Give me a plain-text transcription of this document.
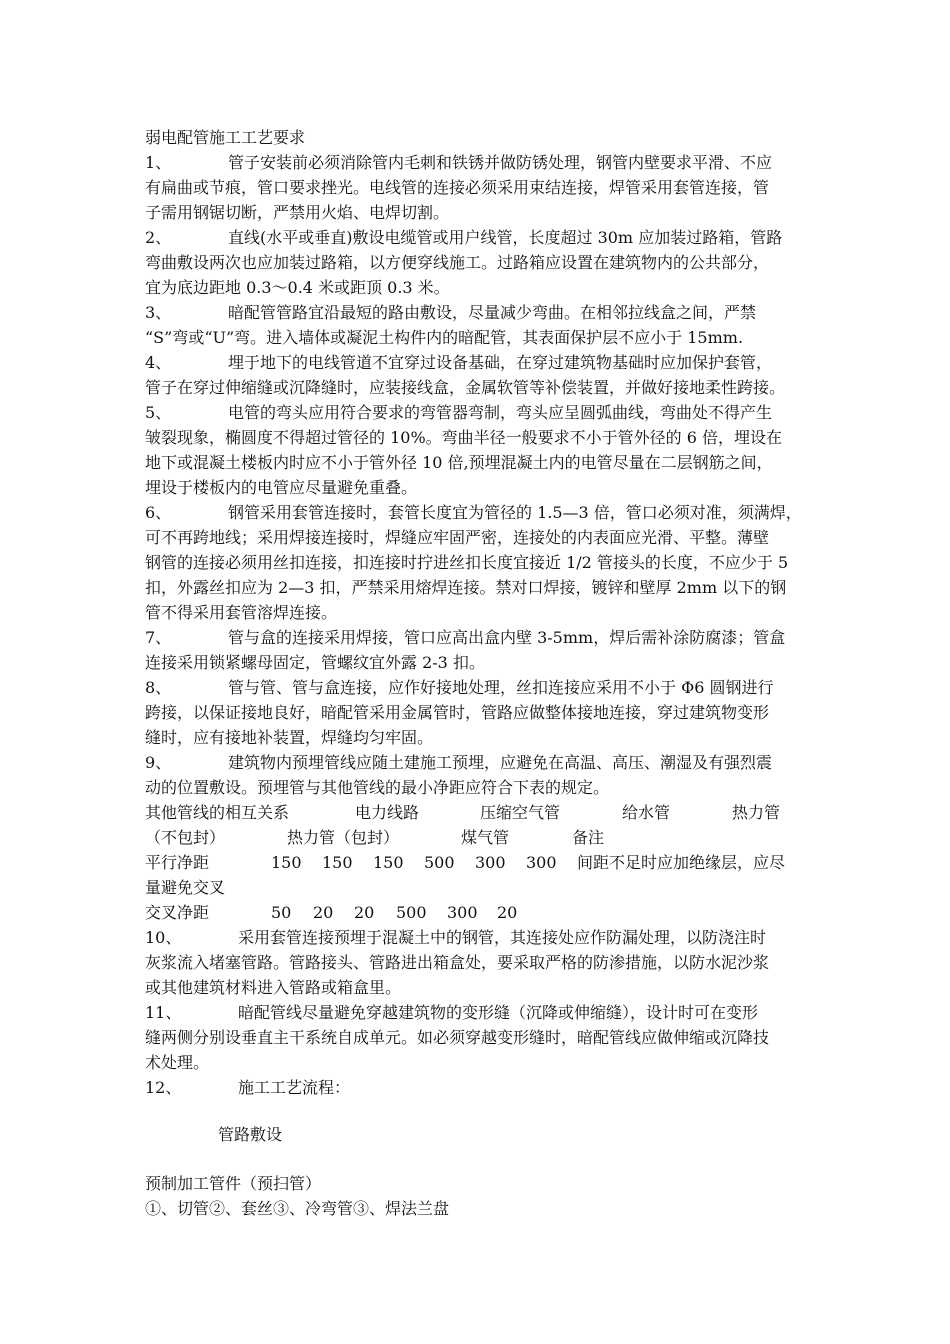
弱电配管施工工艺要求
1、	管子安装前必须消除管内毛刺和铁锈并做防锈处理，钢管内壁要求平滑、不应
有扁曲或节痕，管口要求挫光。电线管的连接必须采用束结连接，焊管采用套管连接，管
子需用钢锯切断，严禁用火焰、电焊切割。
2、	直线(水平或垂直)敷设电缆管或用户线管，长度超过 30m 应加装过路箱，管路
弯曲敷设两次也应加装过路箱，以方便穿线施工。过路箱应设置在建筑物内的公共部分，
宜为底边距地 0.3～0.4 米或距顶 0.3 米。
3、	暗配管管路宜沿最短的路由敷设，尽量减少弯曲。在相邻拉线盒之间，严禁
“S”弯或“U”弯。进入墙体或凝泥土构件内的暗配管，其表面保护层不应小于 15mm.
4、	埋于地下的电线管道不宜穿过设备基础，在穿过建筑物基础时应加保护套管，
管子在穿过伸缩缝或沉降缝时，应装接线盒，金属软管等补偿装置，并做好接地柔性跨接。
5、	电管的弯头应用符合要求的弯管器弯制，弯头应呈圆弧曲线，弯曲处不得产生
皱裂现象，椭圆度不得超过管径的 10%。弯曲半径一般要求不小于管外径的 6 倍，埋设在
地下或混凝土楼板内时应不小于管外径 10 倍,预埋混凝土内的电管尽量在二层钢筋之间，
埋设于楼板内的电管应尽量避免重叠。
6、	钢管采用套管连接时，套管长度宜为管径的 1.5—3 倍，管口必须对准，须满焊，
可不再跨地线；采用焊接连接时，焊缝应牢固严密，连接处的内表面应光滑、平整。薄壁
钢管的连接必须用丝扣连接，扣连接时拧进丝扣长度宜接近 1/2 管接头的长度，不应少于 5
扣，外露丝扣应为 2—3 扣，严禁采用熔焊连接。禁对口焊接，镀锌和壁厚 2mm 以下的钢
管不得采用套管溶焊连接。
7、	管与盒的连接采用焊接，管口应高出盒内壁 3-5mm，焊后需补涂防腐漆；管盒
连接采用锁紧螺母固定，管螺纹宜外露 2-3 扣。
8、	管与管、管与盒连接，应作好接地处理，丝扣连接应采用不小于 Φ6 圆钢进行
跨接，以保证接地良好，暗配管采用金属管时，管路应做整体接地连接，穿过建筑物变形
缝时，应有接地补装置，焊缝均匀牢固。
9、	建筑物内预埋管线应随土建施工预埋，应避免在高温、高压、潮湿及有强烈震
动的位置敷设。预埋管与其他管线的最小净距应符合下表的规定。
其他管线的相互关系	电力线路	压缩空气管	给水管	热力管
（不包封）	热力管（包封）	煤气管	备注
平行净距	150 150 150 500 300 300 间距不足时应加绝缘层，应尽
量避免交叉
交叉净距	50 20 20 500 300 20
10、	采用套管连接预埋于混凝土中的钢管，其连接处应作防漏处理，以防浇注时
灰浆流入堵塞管路。管路接头、管路进出箱盒处，要采取严格的防渗措施，以防水泥沙浆
或其他建筑材料进入管路或箱盒里。
11、	暗配管线尽量避免穿越建筑物的变形缝（沉降或伸缩缝），设计时可在变形
缝两侧分别设垂直主干系统自成单元。如必须穿越变形缝时，暗配管线应做伸缩或沉降技
术处理。
12、	施工工艺流程：
管路敷设
预制加工管件（预扫管）
①、切管②、套丝③、冷弯管③、焊法兰盘
